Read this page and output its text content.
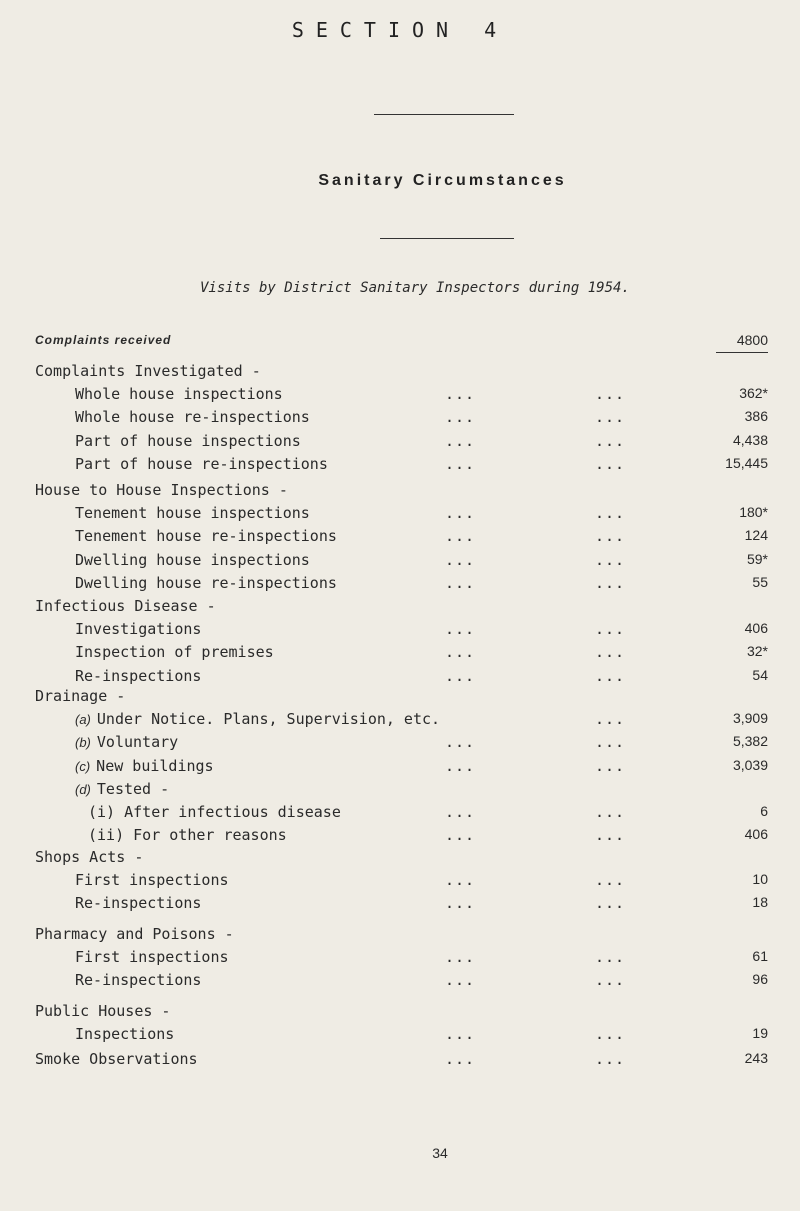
SECTION 4
Sanitary Circumstances
Visits by District Sanitary Inspectors during 1954.
Complaints received	4800
Complaints Investigated -
Whole house inspections	...	...	362*
Whole house re-inspections	...	...	386
Part of house inspections	...	...	4,438
Part of house re-inspections	...	...	15,445
House to House Inspections -
Tenement house inspections	...	...	180*
Tenement house re-inspections	...	...	124
Dwelling house inspections	...	...	59*
Dwelling house re-inspections	...	...	55
Infectious Disease -
Investigations	...	...	406
Inspection of premises	...	...	32*
Re-inspections	...	...	54
Drainage -
(a) Under Notice. Plans, Supervision, etc.	...	3,909
(b) Voluntary	...	...	5,382
(c) New buildings	...	...	3,039
(d) Tested -
(i) After infectious disease	...	...	6
(ii) For other reasons	...	...	406
Shops Acts -
First inspections	...	...	10
Re-inspections	...	...	18
Pharmacy and Poisons -
First inspections	...	...	61
Re-inspections	...	...	96
Public Houses -
Inspections	...	...	19
Smoke Observations	...	...	243
34
